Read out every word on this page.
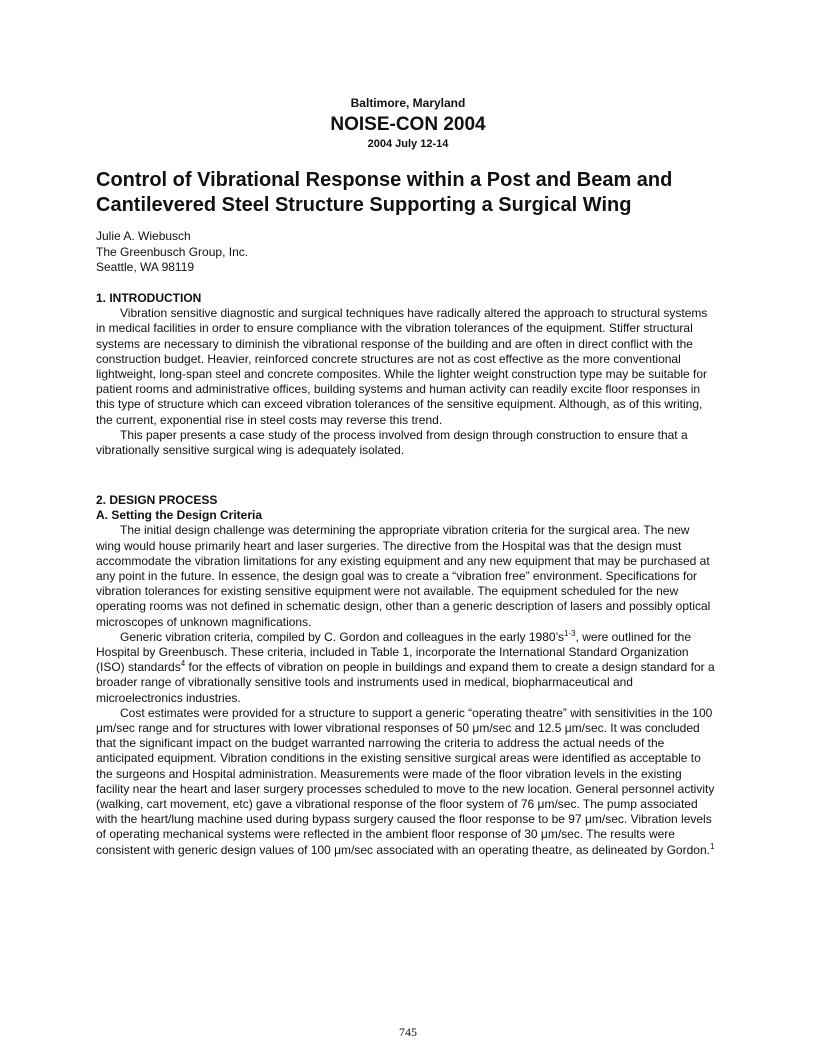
Baltimore, Maryland
NOISE-CON 2004
2004 July 12-14
Control of Vibrational Response within a Post and Beam and Cantilevered Steel Structure Supporting a Surgical Wing
Julie A. Wiebusch
The Greenbusch Group, Inc.
Seattle, WA 98119
1. INTRODUCTION

Vibration sensitive diagnostic and surgical techniques have radically altered the approach to structural systems in medical facilities in order to ensure compliance with the vibration tolerances of the equipment. Stiffer structural systems are necessary to diminish the vibrational response of the building and are often in direct conflict with the construction budget. Heavier, reinforced concrete structures are not as cost effective as the more conventional lightweight, long-span steel and concrete composites. While the lighter weight construction type may be suitable for patient rooms and administrative offices, building systems and human activity can readily excite floor responses in this type of structure which can exceed vibration tolerances of the sensitive equipment. Although, as of this writing, the current, exponential rise in steel costs may reverse this trend.

This paper presents a case study of the process involved from design through construction to ensure that a vibrationally sensitive surgical wing is adequately isolated.

2. DESIGN PROCESS
A. Setting the Design Criteria

The initial design challenge was determining the appropriate vibration criteria for the surgical area. The new wing would house primarily heart and laser surgeries. The directive from the Hospital was that the design must accommodate the vibration limitations for any existing equipment and any new equipment that may be purchased at any point in the future. In essence, the design goal was to create a “vibration free” environment. Specifications for vibration tolerances for existing sensitive equipment were not available. The equipment scheduled for the new operating rooms was not defined in schematic design, other than a generic description of lasers and possibly optical microscopes of unknown magnifications.

Generic vibration criteria, compiled by C. Gordon and colleagues in the early $1980’s^{1-3}$, were outlined for the Hospital by Greenbusch. These criteria, included in Table 1, incorporate the International Standard Organization (ISO) standards$^4$ for the effects of vibration on people in buildings and expand them to create a design standard for a broader range of vibrationally sensitive tools and instruments used in medical, biopharmaceutical and microelectronics industries.

Cost estimates were provided for a structure to support a generic “operating theatre” with sensitivities in the 100 μm/sec range and for structures with lower vibrational responses of 50 μm/sec and 12.5 μm/sec. It was concluded that the significant impact on the budget warranted narrowing the criteria to address the actual needs of the anticipated equipment. Vibration conditions in the existing sensitive surgical areas were identified as acceptable to the surgeons and Hospital administration. Measurements were made of the floor vibration levels in the existing facility near the heart and laser surgery processes scheduled to move to the new location. General personnel activity (walking, cart movement, etc) gave a vibrational response of the floor system of 76 μm/sec. The pump associated with the heart/lung machine used during bypass surgery caused the floor response to be 97 μm/sec. Vibration levels of operating mechanical systems were reflected in the ambient floor response of 30 μm/sec. The results were consistent with generic design values of 100 μm/sec associated with an operating theatre, as delineated by Gordon.$^1$

745
